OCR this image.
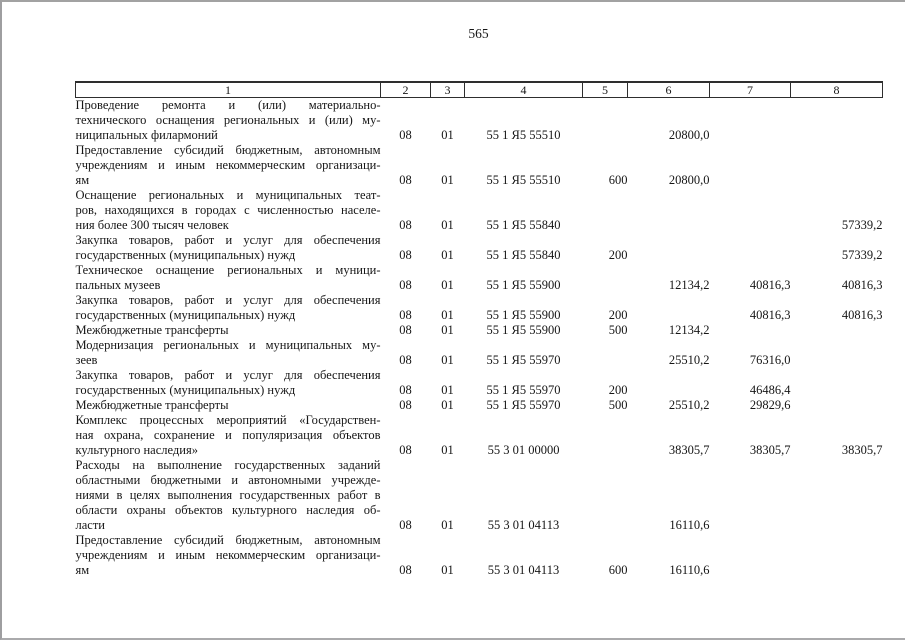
565
1	2	3	4	5	6	7	8

Проведение ремонта и (или) материально-
технического оснащения региональных и (или) му-
ниципальных филармоний	08	01	55 1 Я5 55510		20800,0		

Предоставление субсидий бюджетным, автономным
учреждениям и иным некоммерческим организаци-
ям	08	01	55 1 Я5 55510	600	20800,0		

Оснащение региональных и муниципальных теат-
ров, находящихся в городах с численностью населе-
ния более 300 тысяч человек	08	01	55 1 Я5 55840				57339,2

Закупка товаров, работ и услуг для обеспечения
государственных (муниципальных) нужд	08	01	55 1 Я5 55840	200			57339,2

Техническое оснащение региональных и муници-
пальных музеев	08	01	55 1 Я5 55900		12134,2	40816,3	40816,3

Закупка товаров, работ и услуг для обеспечения
государственных (муниципальных) нужд	08	01	55 1 Я5 55900	200		40816,3	40816,3

Межбюджетные трансферты	08	01	55 1 Я5 55900	500	12134,2		

Модернизация региональных и муниципальных му-
зеев	08	01	55 1 Я5 55970		25510,2	76316,0	

Закупка товаров, работ и услуг для обеспечения
государственных (муниципальных) нужд	08	01	55 1 Я5 55970	200		46486,4	

Межбюджетные трансферты	08	01	55 1 Я5 55970	500	25510,2	29829,6	

Комплекс процессных мероприятий «Государствен-
ная охрана, сохранение и популяризация объектов
культурного наследия»	08	01	55 3 01 00000		38305,7	38305,7	38305,7

Расходы на выполнение государственных заданий
областными бюджетными и автономными учрежде-
ниями в целях выполнения государственных работ в
области охраны объектов культурного наследия об-
ласти	08	01	55 3 01 04113		16110,6		

Предоставление субсидий бюджетным, автономным
учреждениям и иным некоммерческим организаци-
ям	08	01	55 3 01 04113	600	16110,6		
